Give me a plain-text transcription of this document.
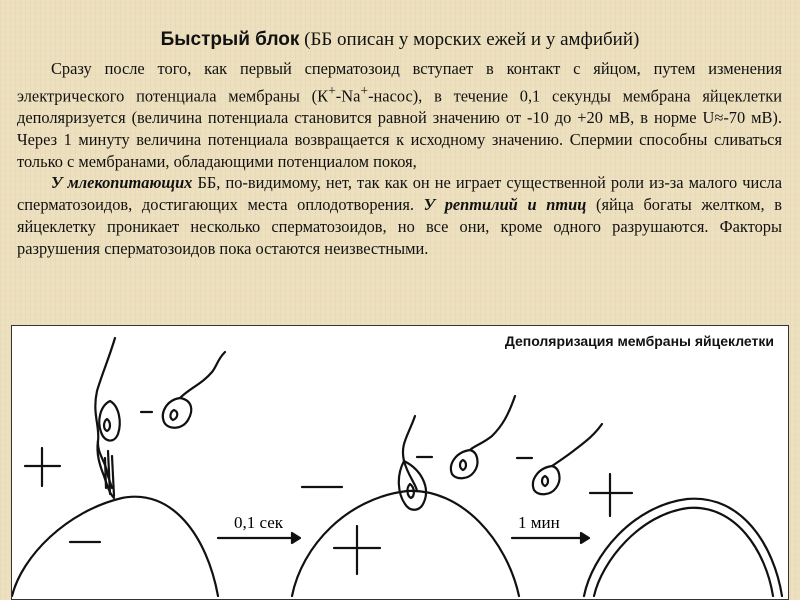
Быстрый блок (ББ описан у морских ежей и у амфибий)

Сразу после того, как первый сперматозоид вступает в контакт с яйцом, путем изменения электрического потенциала мембраны (К+-Na+-насос), в течение 0,1 секунды мембрана яйцеклетки деполяризуется (величина потенциала становится равной значению от -10 до +20 мВ, в норме U≈-70 мВ). Через 1 минуту величина потенциала возвращается к исходному значению. Спермии способны сливаться только с мембранами, обладающими потенциалом покоя,

У млекопитающих ББ, по-видимому, нет, так как он не играет существенной роли из-за малого числа сперматозоидов, достигающих места оплодотворения. У рептилий и птиц (яйца богаты желтком, в яйцеклетку проникает несколько сперматозоидов, но все они, кроме одного разрушаются. Факторы разрушения сперматозоидов пока остаются неизвестными.

0,1 сек	1 мин
Деполяризация мембраны яйцеклетки
